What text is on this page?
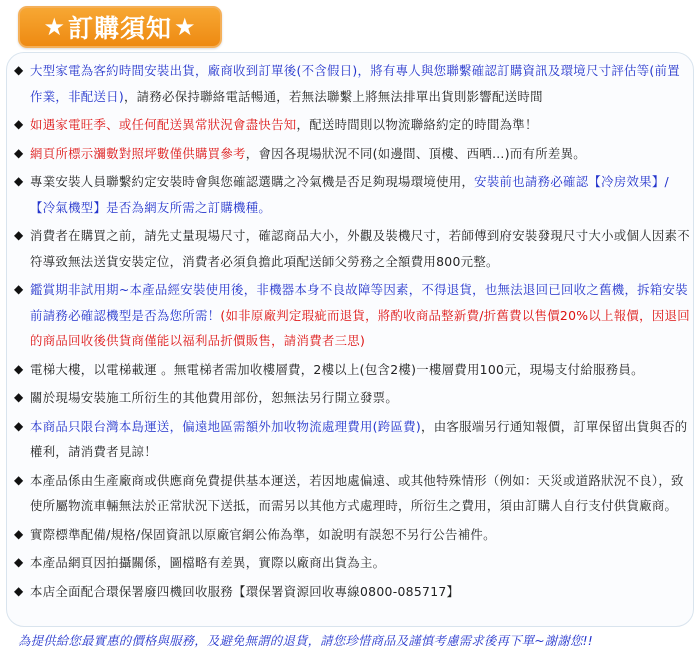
★ 訂購須知 ★
◆ 大型家電為客約時間安裝出貨，廠商收到訂單後(不含假日)，將有專人與您聯繫確認訂購資訊及環境尺寸評估等(前置作業，非配送日)，請務必保持聯絡電話暢通，若無法聯繫上將無法排單出貨則影響配送時間
◆ 如遇家電旺季、或任何配送異常狀況會盡快告知，配送時間則以物流聯絡約定的時間為準！
◆ 網頁所標示瀰數對照坪數僅供購買參考，會因各現場狀況不同(如邊間、頂樓、西晒…)而有所差異。
◆ 專業安裝人員聯繫約定安裝時會與您確認選購之冷氣機是否足夠現場環境使用，安裝前也請務必確認【冷房效果】/【冷氣機型】是否為網友所需之訂購機種。
◆ 消費者在購買之前，請先丈量現場尺寸，確認商品大小，外觀及裝機尺寸，若師傅到府安裝發現尺寸大小或個人因素不符導致無法送貨安裝定位，消費者必須負擔此項配送師父勞務之全額費用800元整。
◆ 鑑賞期非試用期~本產品經安裝使用後，非機器本身不良故障等因素，不得退貨，也無法退回已回收之舊機，拆箱安裝前請務必確認機型是否為您所需！(如非原廠判定瑕疵而退貨，將酌收商品整新費/折舊費以售價20%以上報價，因退回的商品回收後供貨商僅能以福利品折價販售，請消費者三思)
◆ 電梯大樓，以電梯載運 。無電梯者需加收樓層費，2樓以上(包含2樓)一樓層費用100元，現場支付給服務員。
◆ 關於現場安裝施工所衍生的其他費用部份，恕無法另行開立發票。
◆ 本商品只限台灣本島運送，偏遠地區需額外加收物流處理費用(跨區費)，由客服端另行通知報價，訂單保留出貨與否的權利，請消費者見諒！
◆ 本產品係由生產廠商或供應商免費提供基本運送，若因地處偏遠、或其他特殊情形（例如：天災或道路狀況不良），致使所屬物流車輛無法於正常狀況下送抵，而需另以其他方式處理時，所衍生之費用，須由訂購人自行支付供貨廠商。
◆ 實際標準配備/規格/保固資訊以原廠官網公佈為準，如說明有誤恕不另行公告補件。
◆ 本產品網頁因拍攝關係，圖檔略有差異，實際以廠商出貨為主。
◆ 本店全面配合環保署廢四機回收服務【環保署資源回收專線0800-085717】
為提供給您最實惠的價格與服務，及避免無謂的退貨，請您珍惜商品及謹慎考慮需求後再下單~謝謝您!!
